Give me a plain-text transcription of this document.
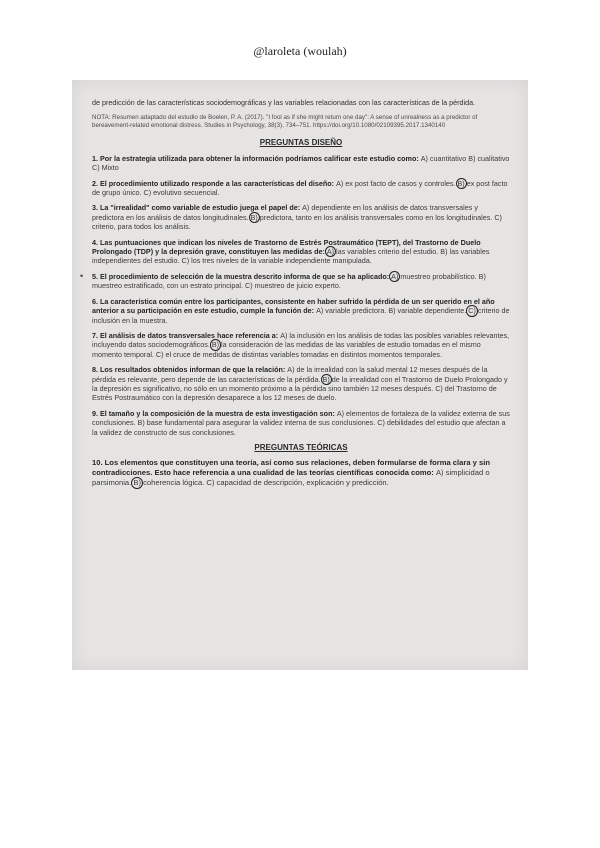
@laroleta (woulah)

de predicción de las características sociodemográficas y las variables relacionadas con las características de la pérdida.

NOTA: Resumen adaptado del estudio de Boelen, P. A. (2017). "I fool as if she might return one day": A sense of unrealness as a predictor of bereavement-related emotional distress. Studies in Psychology, 38(3), 734–751. https://doi.org/10.1080/02109395.2017.1340140

PREGUNTAS DISEÑO
1. Por la estrategia utilizada para obtener la información podríamos calificar este estudio como: A) cuantitativo B) cualitativo C) Mixto
2. El procedimiento utilizado responde a las características del diseño: A) ex post facto de casos y controles. B) ex post facto de grupo único. C) evolutivo secuencial.
3. La "irrealidad" como variable de estudio juega el papel de: A) dependiente en los análisis de datos transversales y predictora en los análisis de datos longitudinales. B) predictora, tanto en los análisis transversales como en los longitudinales. C) criterio, para todos los análisis.
4. Las puntuaciones que indican los niveles de Trastorno de Estrés Postraumático (TEPT), del Trastorno de Duelo Prolongado (TDP) y la depresión grave, constituyen las medidas de: A) las variables criterio del estudio. B) las variables independientes del estudio. C) los tres niveles de la variable independiente manipulada.
• 5. El procedimiento de selección de la muestra descrito informa de que se ha aplicado: A) muestreo probabilístico. B) muestreo estratificado, con un estrato principal. C) muestreo de juicio experto.
6. La característica común entre los participantes, consistente en haber sufrido la pérdida de un ser querido en el año anterior a su participación en este estudio, cumple la función de: A) variable predictora. B) variable dependiente. C) criterio de inclusión en la muestra.
7. El análisis de datos transversales hace referencia a: A) la inclusión en los análisis de todas las posibles variables relevantes, incluyendo datos sociodemográficos. B) la consideración de las medidas de las variables de estudio tomadas en el mismo momento temporal. C) el cruce de medidas de distintas variables tomadas en distintos momentos temporales.
8. Los resultados obtenidos informan de que la relación: A) de la irrealidad con la salud mental 12 meses después de la pérdida es relevante, pero depende de las características de la pérdida. B) de la irrealidad con el Trastorno de Duelo Prolongado y la depresión es significativo, no sólo en un momento próximo a la pérdida sino también 12 meses después. C) del Trastorno de Estrés Postraumático con la depresión desaparece a los 12 meses de duelo.
9. El tamaño y la composición de la muestra de esta investigación son: A) elementos de fortaleza de la validez externa de sus conclusiones. B) base fundamental para asegurar la validez interna de sus conclusiones. C) debilidades del estudio que afectan a la validez de constructo de sus conclusiones.
PREGUNTAS TEÓRICAS
10. Los elementos que constituyen una teoría, así como sus relaciones, deben formularse de forma clara y sin contradicciones. Esto hace referencia a una cualidad de las teorías científicas conocida como: A) simplicidad o parsimonia. B) coherencia lógica. C) capacidad de descripción, explicación y predicción.
